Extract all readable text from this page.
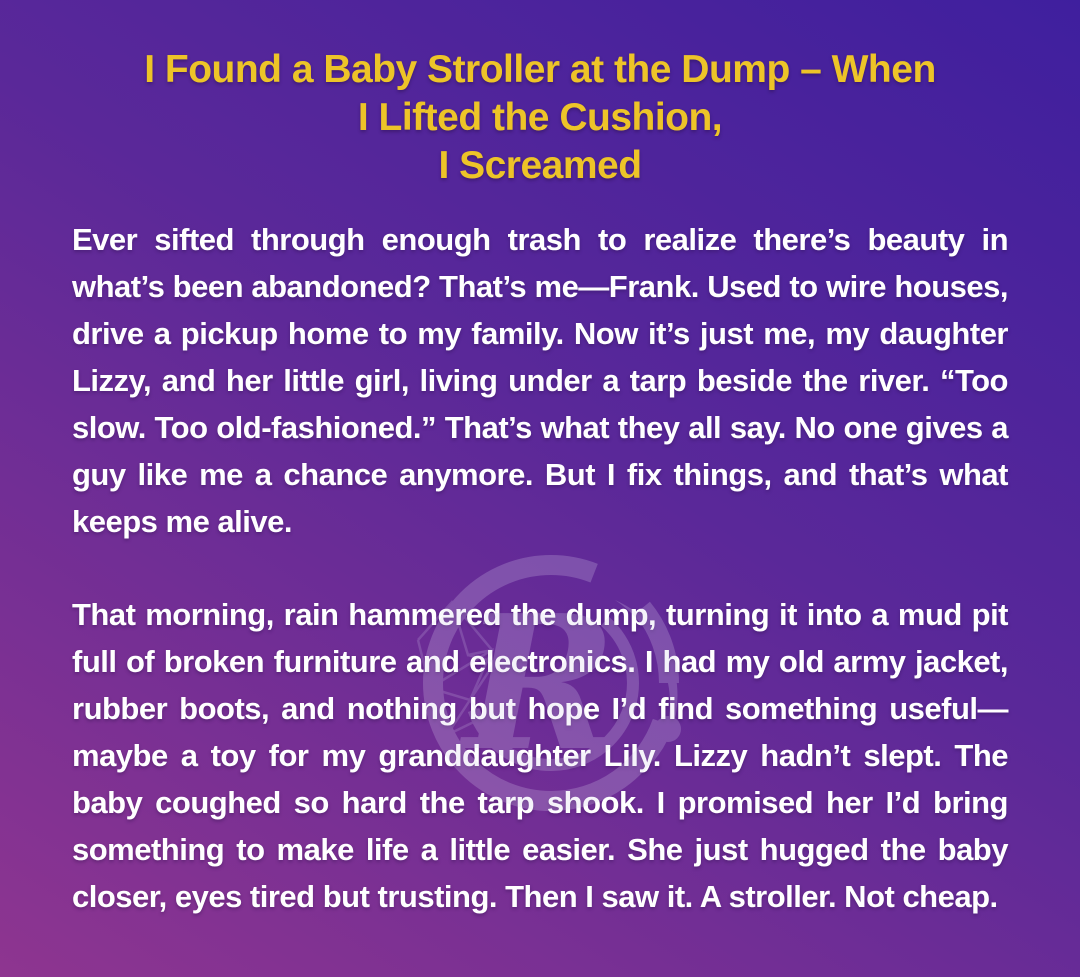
I Found a Baby Stroller at the Dump – When
I Lifted the Cushion,
I Screamed

Ever sifted through enough trash to realize there’s beauty in what’s been abandoned? That’s me—Frank. Used to wire houses, drive a pickup home to my family. Now it’s just me, my daughter Lizzy, and her little girl, living under a tarp beside the river. “Too slow. Too old-fashioned.” That’s what they all say. No one gives a guy like me a chance anymore. But I fix things, and that’s what keeps me alive.

That morning, rain hammered the dump, turning it into a mud pit full of broken furniture and electronics. I had my old army jacket, rubber boots, and nothing but hope I’d find something useful—maybe a toy for my granddaughter Lily. Lizzy hadn’t slept. The baby coughed so hard the tarp shook. I promised her I’d bring something to make life a little easier. She just hugged the baby closer, eyes tired but trusting. Then I saw it. A stroller. Not cheap.

R
